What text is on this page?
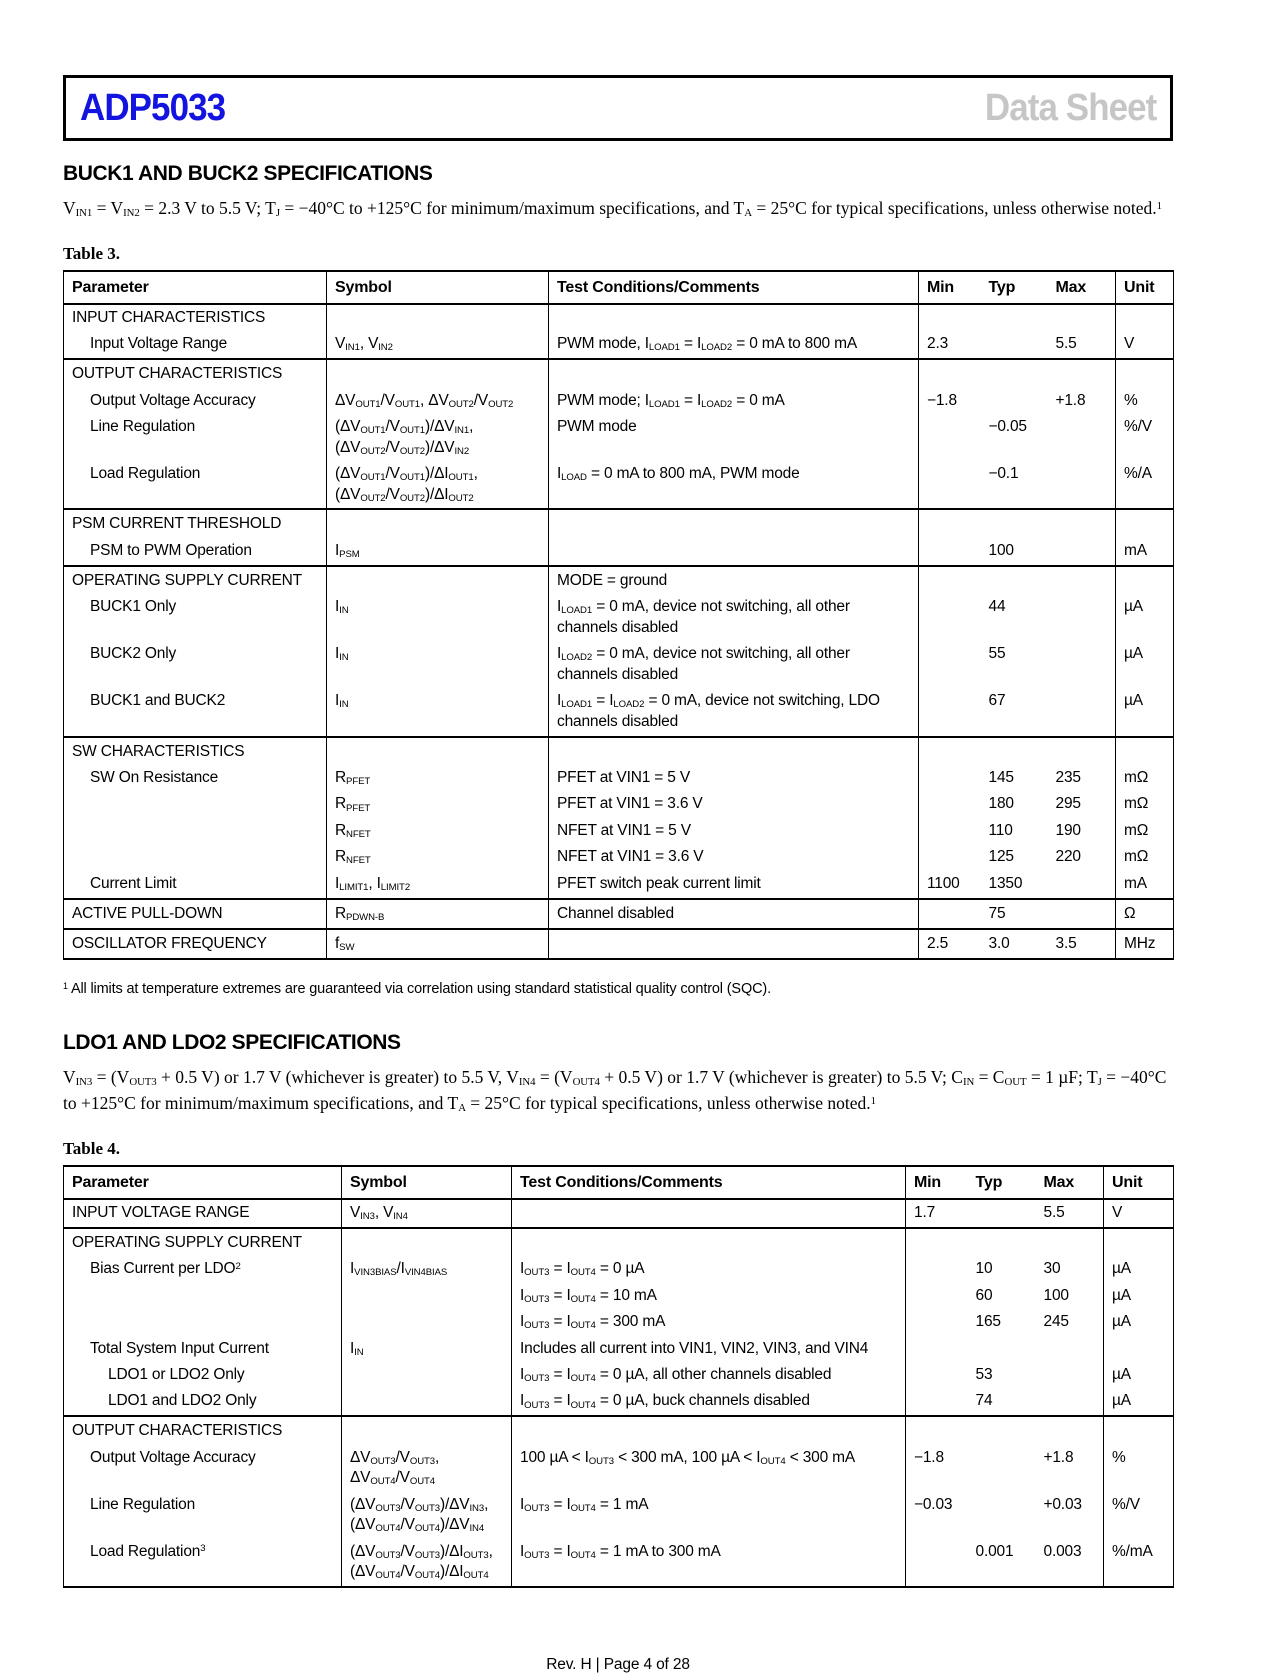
ADP5033	Data Sheet
BUCK1 AND BUCK2 SPECIFICATIONS

$V_{IN1} = V_{IN2} = 2.3$ V to 5.5 V; $T_J = -40^\circ C$ to +125°C for minimum/maximum specifications, and $T_A = 25^\circ C$ for typical specifications, unless otherwise noted.$^1$

Table 3.

Parameter	Symbol	Test Conditions/Comments	Min	Typ	Max	Unit
INPUT CHARACTERISTICS						
Input Voltage Range	$V_{IN1}$, $V_{IN2}$	PWM mode, $I_{LOAD1} = I_{LOAD2} = 0$ mA to 800 mA	2.3		5.5	V
OUTPUT CHARACTERISTICS						
Output Voltage Accuracy	$\Delta V_{OUT1}/V_{OUT1}$, $\Delta V_{OUT2}/V_{OUT2}$	PWM mode; $I_{LOAD1} = I_{LOAD2} = 0$ mA	−1.8		+1.8	%
Line Regulation	$(\Delta V_{OUT1}/V_{OUT1})/\Delta V_{IN1}$,
$(\Delta V_{OUT2}/V_{OUT2})/\Delta V_{IN2}$	PWM mode		−0.05		%/V
Load Regulation	$(\Delta V_{OUT1}/V_{OUT1})/\Delta I_{OUT1}$,
$(\Delta V_{OUT2}/V_{OUT2})/\Delta I_{OUT2}$	$I_{LOAD} = 0$ mA to 800 mA, PWM mode		−0.1		%/A
PSM CURRENT THRESHOLD						
PSM to PWM Operation	$I_{PSM}$			100		mA
OPERATING SUPPLY CURRENT		MODE = ground				
BUCK1 Only	$I_{IN}$	$I_{LOAD1} = 0$ mA, device not switching, all other channels disabled		44		µA
BUCK2 Only	$I_{IN}$	$I_{LOAD2} = 0$ mA, device not switching, all other channels disabled		55		µA
BUCK1 and BUCK2	$I_{IN}$	$I_{LOAD1} = I_{LOAD2} = 0$ mA, device not switching, LDO channels disabled		67		µA
SW CHARACTERISTICS						
SW On Resistance	$R_{PFET}$	PFET at VIN1 = 5 V		145	235	mΩ
	$R_{PFET}$	PFET at VIN1 = 3.6 V		180	295	mΩ
	$R_{NFET}$	NFET at VIN1 = 5 V		110	190	mΩ
	$R_{NFET}$	NFET at VIN1 = 3.6 V		125	220	mΩ
Current Limit	$I_{LIMIT1}$, $I_{LIMIT2}$	PFET switch peak current limit	1100	1350		mA
ACTIVE PULL-DOWN	$R_{PDWN-B}$	Channel disabled		75		Ω
OSCILLATOR FREQUENCY	$f_{SW}$		2.5	3.0	3.5	MHz

$^1$ All limits at temperature extremes are guaranteed via correlation using standard statistical quality control (SQC).

LDO1 AND LDO2 SPECIFICATIONS

$V_{IN3} = (V_{OUT3} + 0.5$ V) or 1.7 V (whichever is greater) to 5.5 V, $V_{IN4} = (V_{OUT4} + 0.5$ V) or 1.7 V (whichever is greater) to 5.5 V; $C_{IN} = C_{OUT} = 1$ µF; $T_J = -40^\circ C$ to +125°C for minimum/maximum specifications, and $T_A = 25^\circ C$ for typical specifications, unless otherwise noted.$^1$

Table 4.

Parameter	Symbol	Test Conditions/Comments	Min	Typ	Max	Unit
INPUT VOLTAGE RANGE	$V_{IN3}$, $V_{IN4}$		1.7		5.5	V
OPERATING SUPPLY CURRENT						
Bias Current per LDO$^2$	$I_{VIN3BIAS}/I_{VIN4BIAS}$	$I_{OUT3} = I_{OUT4} = 0$ µA		10	30	µA
		$I_{OUT3} = I_{OUT4} = 10$ mA		60	100	µA
		$I_{OUT3} = I_{OUT4} = 300$ mA		165	245	µA
Total System Input Current	$I_{IN}$	Includes all current into VIN1, VIN2, VIN3, and VIN4				
LDO1 or LDO2 Only		$I_{OUT3} = I_{OUT4} = 0$ µA, all other channels disabled		53		µA
LDO1 and LDO2 Only		$I_{OUT3} = I_{OUT4} = 0$ µA, buck channels disabled		74		µA
OUTPUT CHARACTERISTICS						
Output Voltage Accuracy	$\Delta V_{OUT3}/V_{OUT3}$,
$\Delta V_{OUT4}/V_{OUT4}$	100 $\mu A < I_{OUT3} < 300$ mA, 100 $\mu A < I_{OUT4} < 300$ mA	−1.8		+1.8	%
Line Regulation	$(\Delta V_{OUT3}/V_{OUT3})/\Delta V_{IN3}$,
$(\Delta V_{OUT4}/V_{OUT4})/\Delta V_{IN4}$	$I_{OUT3} = I_{OUT4} = 1$ mA	−0.03		+0.03	%/V
Load Regulation$^3$	$(\Delta V_{OUT3}/V_{OUT3})/\Delta I_{OUT3}$,
$(\Delta V_{OUT4}/V_{OUT4})/\Delta I_{OUT4}$	$I_{OUT3} = I_{OUT4} = 1$ mA to 300 mA		0.001	0.003	%/mA
Rev. H | Page 4 of 28
